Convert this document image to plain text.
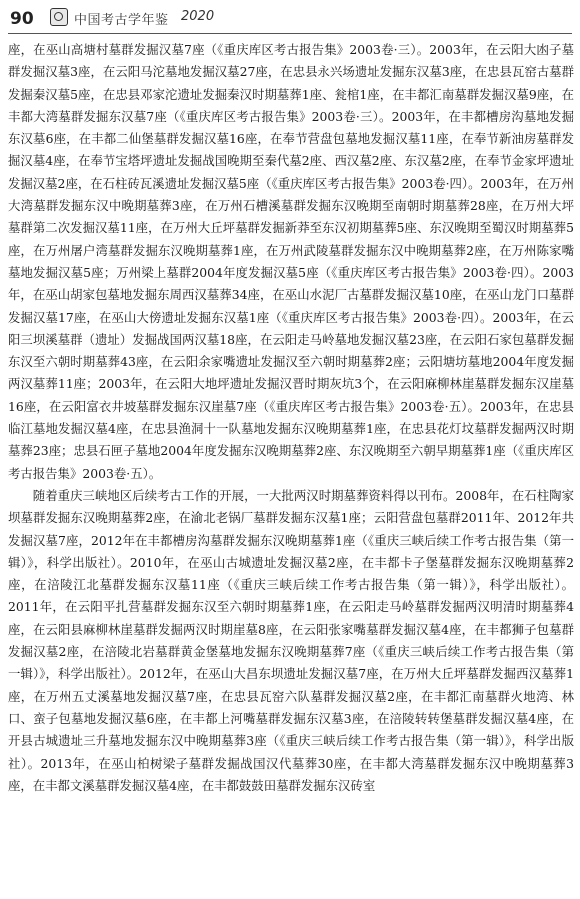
90	中国考古学年鉴 2020

座，在巫山高塘村墓群发掘汉墓7座（《重庆库区考古报告集》2003卷·三）。2003年，在云阳大凼子墓群发掘汉墓3座，在云阳马沱墓地发掘汉墓27座，在忠县永兴场遗址发掘东汉墓3座，在忠县瓦窑古墓群发掘秦汉墓5座，在忠县邓家沱遗址发掘秦汉时期墓葬1座、瓮棺1座，在丰都汇南墓群发掘汉墓9座，在丰都大湾墓群发掘东汉墓7座（《重庆库区考古报告集》2003卷·三）。2003年，在丰都槽房沟墓地发掘东汉墓6座，在丰都二仙堡墓群发掘汉墓16座，在奉节营盘包墓地发掘汉墓11座，在奉节新油房墓群发掘汉墓4座，在奉节宝塔坪遗址发掘战国晚期至秦代墓2座、西汉墓2座、东汉墓2座，在奉节金家坪遗址发掘汉墓2座，在石柱砖瓦溪遗址发掘汉墓5座（《重庆库区考古报告集》2003卷·四）。2003年，在万州大湾墓群发掘东汉中晚期墓葬3座，在万州石槽溪墓群发掘东汉晚期至南朝时期墓葬28座，在万州大坪墓群第二次发掘汉墓11座，在万州大丘坪墓群发掘新莽至东汉初期墓葬5座、东汉晚期至蜀汉时期墓葬5座，在万州屠户湾墓群发掘东汉晚期墓葬1座，在万州武陵墓群发掘东汉中晚期墓葬2座，在万州陈家嘴墓地发掘汉墓5座；万州梁上墓群2004年度发掘汉墓5座（《重庆库区考古报告集》2003卷·四）。2003年，在巫山胡家包墓地发掘东周西汉墓葬34座，在巫山水泥厂古墓群发掘汉墓10座，在巫山龙门口墓群发掘汉墓17座，在巫山大傍遗址发掘东汉墓1座（《重庆库区考古报告集》2003卷·四）。2003年，在云阳三坝溪墓群（遗址）发掘战国两汉墓18座，在云阳走马岭墓地发掘汉墓23座，在云阳石家包墓群发掘东汉至六朝时期墓葬43座，在云阳余家嘴遗址发掘汉至六朝时期墓葬2座；云阳塘坊墓地2004年度发掘两汉墓葬11座；2003年，在云阳大地坪遗址发掘汉晋时期灰坑3个，在云阳麻柳林崖墓群发掘东汉崖墓16座，在云阳富衣井坡墓群发掘东汉崖墓7座（《重庆库区考古报告集》2003卷·五）。2003年，在忠县临江墓地发掘汉墓4座，在忠县渔洞十一队墓地发掘东汉晚期墓葬1座，在忠县花灯坟墓群发掘两汉时期墓葬23座；忠县石匣子墓地2004年度发掘东汉晚期墓葬2座、东汉晚期至六朝早期墓葬1座（《重庆库区考古报告集》2003卷·五）。

随着重庆三峡地区后续考古工作的开展，一大批两汉时期墓葬资料得以刊布。2008年，在石柱陶家坝墓群发掘东汉晚期墓葬2座，在渝北老锅厂墓群发掘东汉墓1座；云阳营盘包墓群2011年、2012年共发掘汉墓7座，2012年在丰都槽房沟墓群发掘东汉晚期墓葬1座（《重庆三峡后续工作考古报告集（第一辑）》，科学出版社）。2010年，在巫山古城遗址发掘汉墓2座，在丰都卡子堡墓群发掘东汉晚期墓葬2座，在涪陵江北墓群发掘东汉墓11座（《重庆三峡后续工作考古报告集（第一辑）》，科学出版社）。2011年，在云阳平扎营墓群发掘东汉至六朝时期墓葬1座，在云阳走马岭墓群发掘两汉明清时期墓葬4座，在云阳县麻柳林崖墓群发掘两汉时期崖墓8座，在云阳张家嘴墓群发掘汉墓4座，在丰都狮子包墓群发掘汉墓2座，在涪陵北岩墓群黄金堡墓地发掘东汉晚期墓葬7座（《重庆三峡后续工作考古报告集（第一辑）》，科学出版社）。2012年，在巫山大昌东坝遗址发掘汉墓7座，在万州大丘坪墓群发掘西汉墓葬1座，在万州五丈溪墓地发掘汉墓7座，在忠县瓦窑六队墓群发掘汉墓2座，在丰都汇南墓群火地湾、林口、蛮子包墓地发掘汉墓6座，在丰都上河嘴墓群发掘东汉墓3座，在涪陵转转堡墓群发掘汉墓4座，在开县古城遗址三升墓地发掘东汉中晚期墓葬3座（《重庆三峡后续工作考古报告集（第一辑）》，科学出版社）。2013年，在巫山柏树梁子墓群发掘战国汉代墓葬30座，在丰都大湾墓群发掘东汉中晚期墓葬3座，在丰都文溪墓群发掘汉墓4座，在丰都鼓鼓田墓群发掘东汉砖室
